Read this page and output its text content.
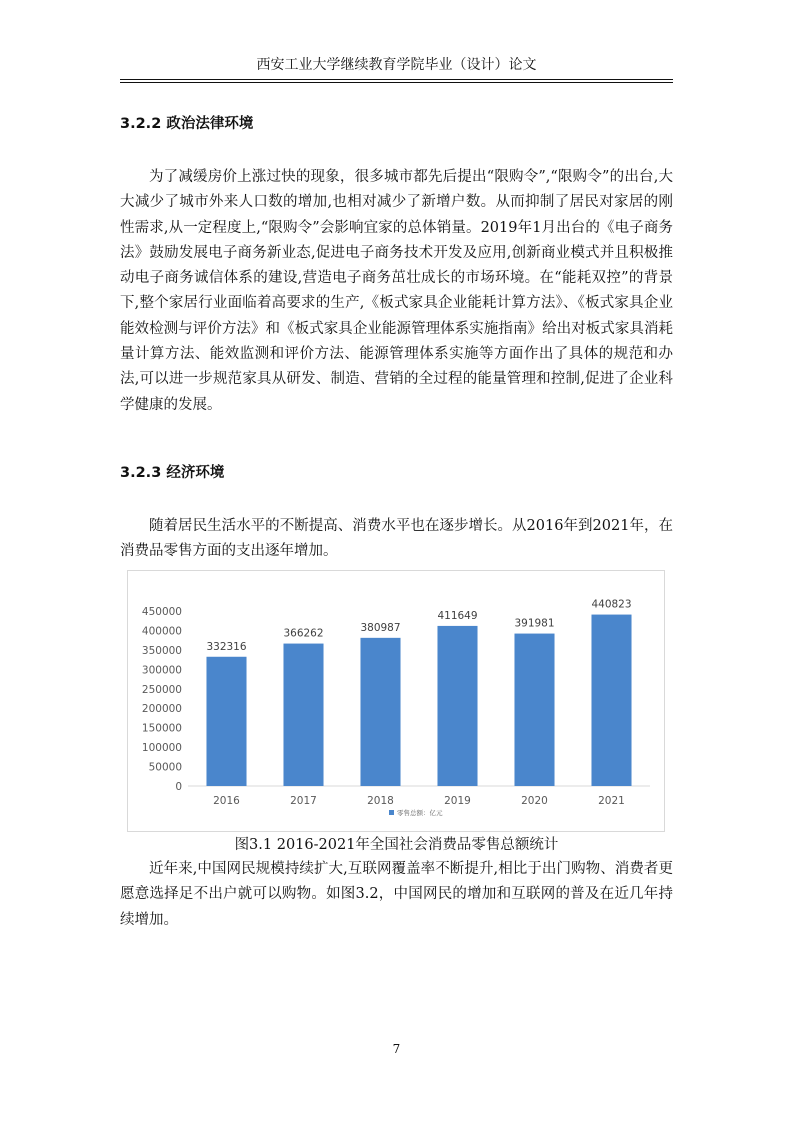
西安工业大学继续教育学院毕业（设计）论文
3.2.2 政治法律环境

为了减缓房价上涨过快的现象，很多城市都先后提出“限购令”,“限购令”的出台,大大减少了城市外来人口数的增加,也相对减少了新增户数。从而抑制了居民对家居的刚性需求,从一定程度上,“限购令”会影响宜家的总体销量。2019年1月出台的《电子商务法》鼓励发展电子商务新业态,促进电子商务技术开发及应用,创新商业模式并且积极推动电子商务诚信体系的建设,营造电子商务茁壮成长的市场环境。在“能耗双控”的背景下,整个家居行业面临着高要求的生产,《板式家具企业能耗计算方法》、《板式家具企业能效检测与评价方法》和《板式家具企业能源管理体系实施指南》给出对板式家具消耗量计算方法、能效监测和评价方法、能源管理体系实施等方面作出了具体的规范和办法,可以进一步规范家具从研发、制造、营销的全过程的能量管理和控制,促进了企业科学健康的发展。

3.2.3 经济环境

随着居民生活水平的不断提高、消费水平也在逐步增长。从2016年到2021年，在消费品零售方面的支出逐年增加。

0
50000
100000
150000
200000
250000
300000
350000
400000
450000
332316
2016
366262
2017
380987
2018
411649
2019
391981
2020
440823
2021
零售总额：亿元
图3.1 2016-2021年全国社会消费品零售总额统计

近年来,中国网民规模持续扩大,互联网覆盖率不断提升,相比于出门购物、消费者更愿意选择足不出户就可以购物。如图3.2，中国网民的增加和互联网的普及在近几年持续增加。

7
